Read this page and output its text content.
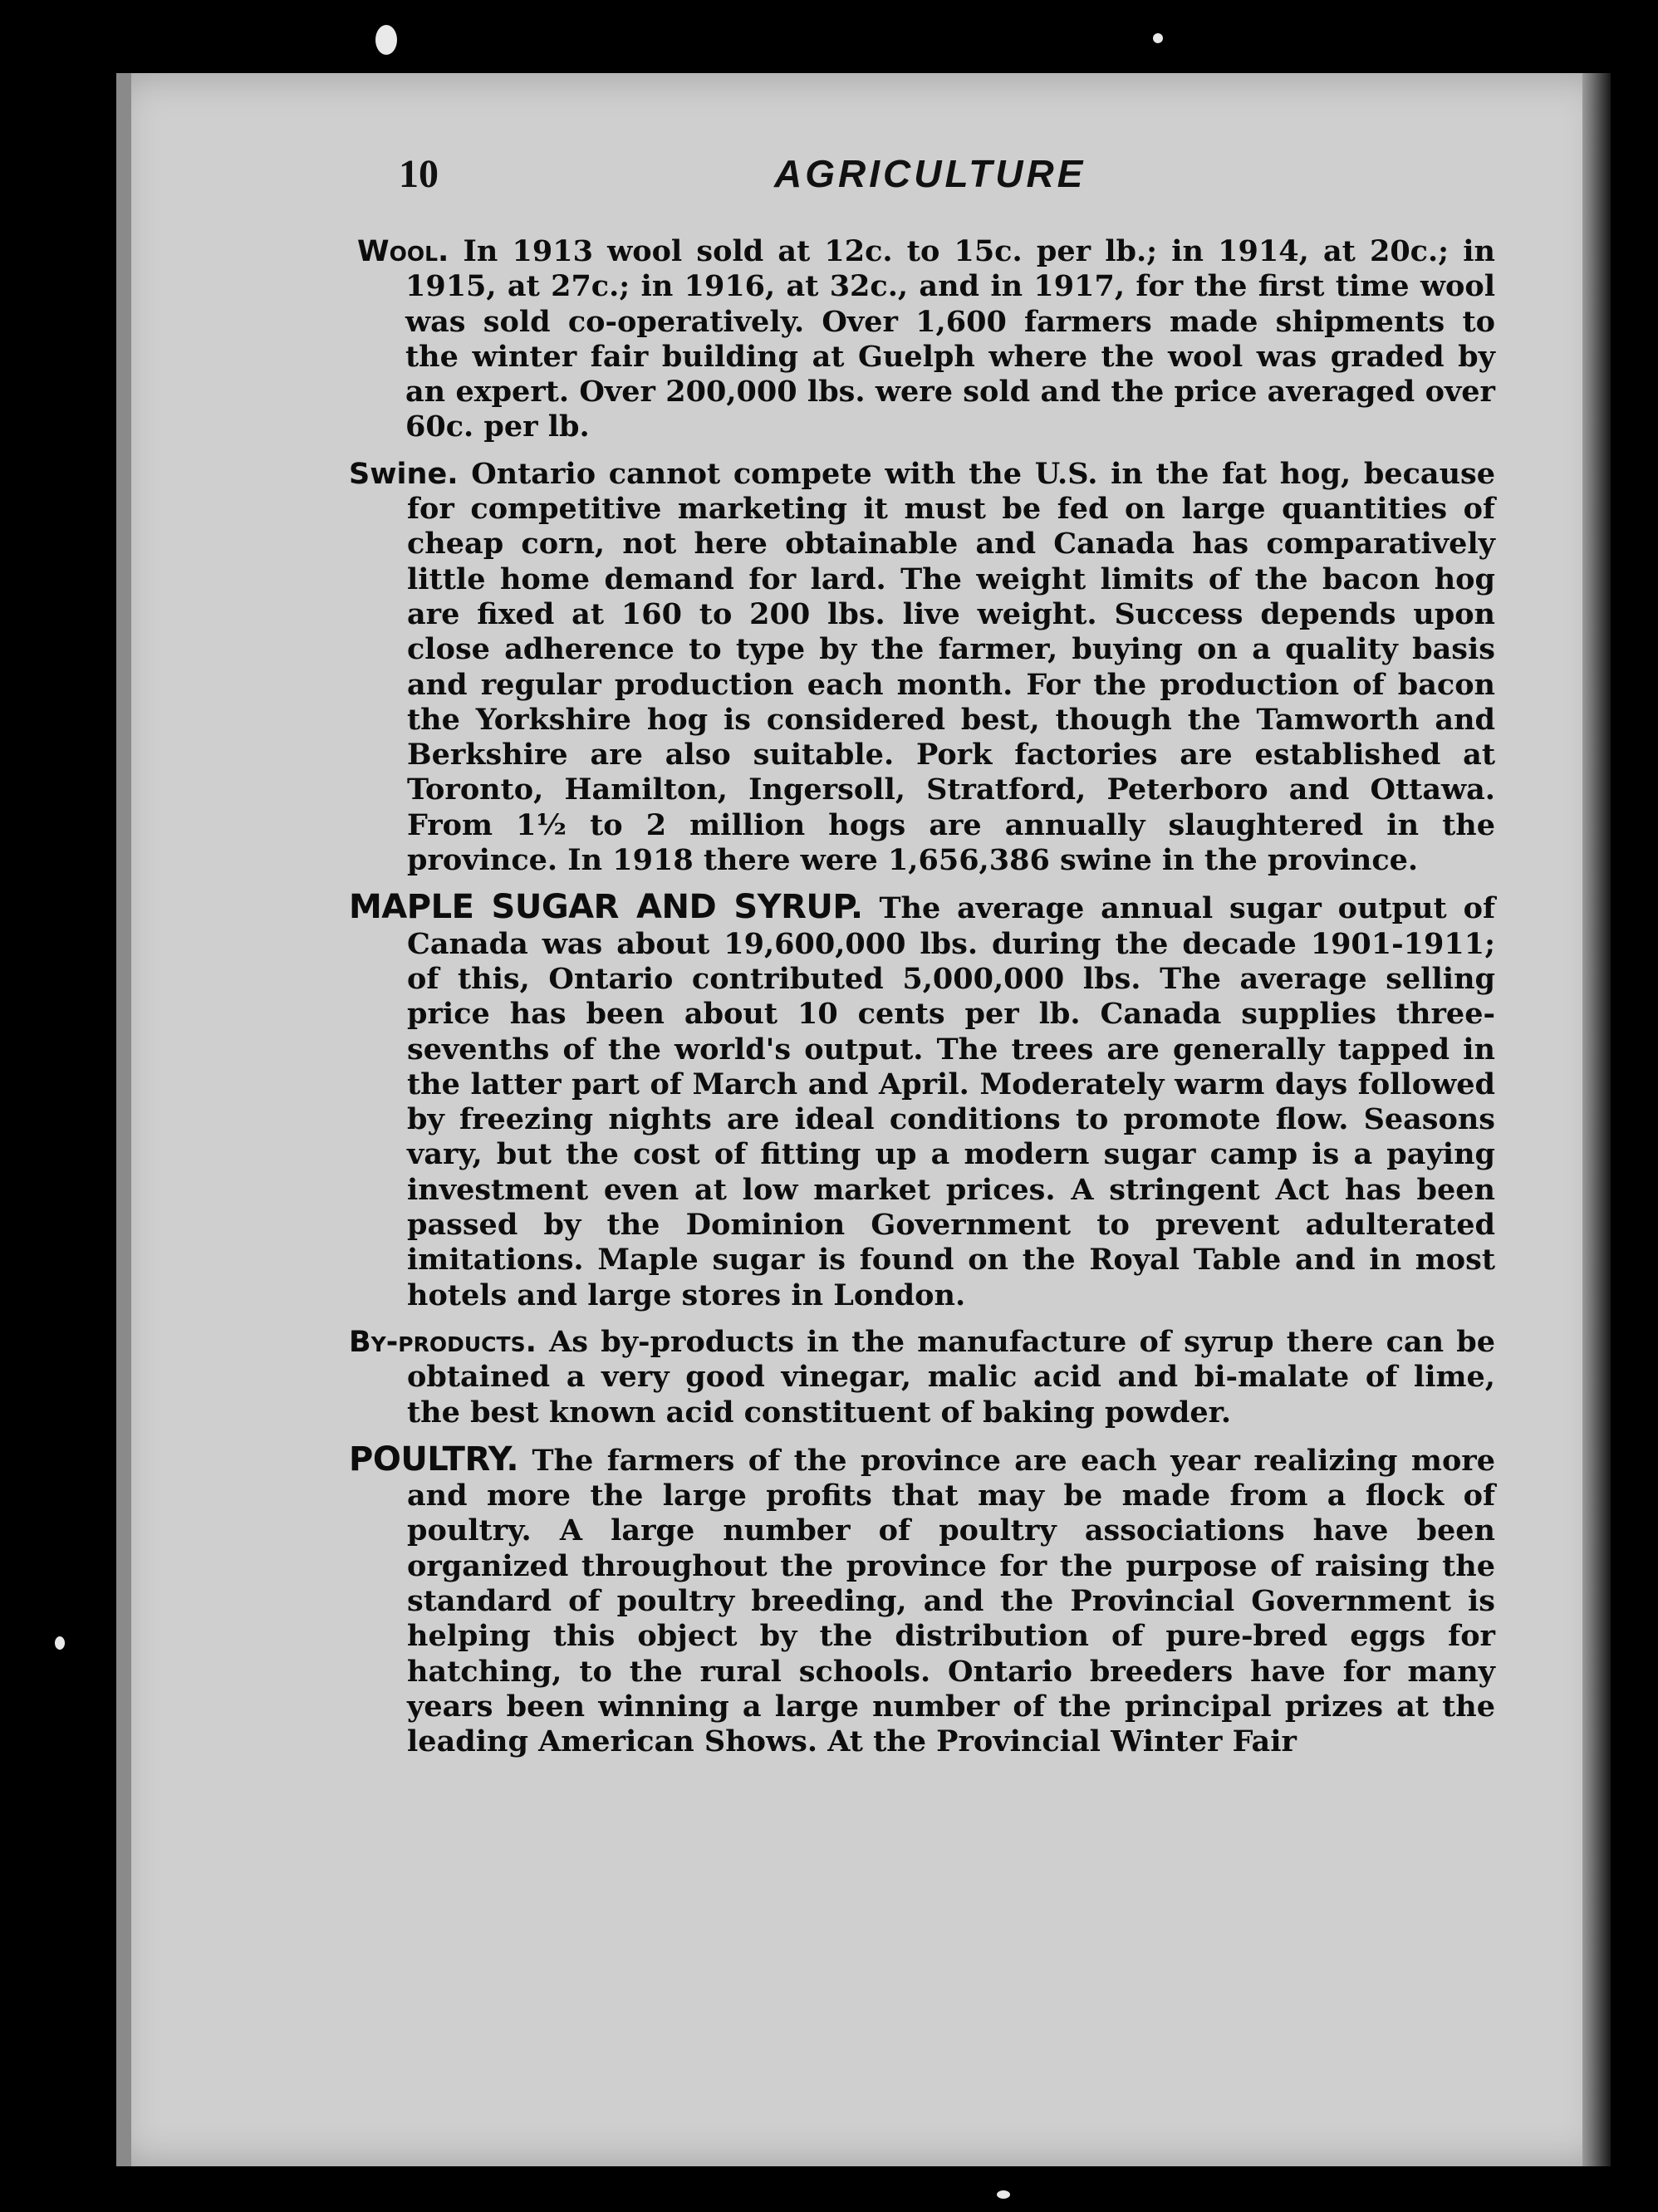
10	AGRICULTURE

Wool. In 1913 wool sold at 12c. to 15c. per lb.; in 1914, at 20c.; in 1915, at 27c.; in 1916, at 32c., and in 1917, for the first time wool was sold co-operatively. Over 1,600 farmers made shipments to the winter fair building at Guelph where the wool was graded by an expert. Over 200,000 lbs. were sold and the price averaged over 60c. per lb.

Swine. Ontario cannot compete with the U.S. in the fat hog, because for competitive marketing it must be fed on large quantities of cheap corn, not here obtainable and Canada has comparatively little home demand for lard. The weight limits of the bacon hog are fixed at 160 to 200 lbs. live weight. Success depends upon close adherence to type by the farmer, buying on a quality basis and regular production each month. For the production of bacon the Yorkshire hog is considered best, though the Tamworth and Berkshire are also suitable. Pork factories are established at Toronto, Hamilton, Ingersoll, Stratford, Peterboro and Ottawa. From 1½ to 2 million hogs are annually slaughtered in the province. In 1918 there were 1,656,386 swine in the province.

MAPLE SUGAR AND SYRUP. The average annual sugar output of Canada was about 19,600,000 lbs. during the decade 1901-1911; of this, Ontario contributed 5,000,000 lbs. The average selling price has been about 10 cents per lb. Canada supplies three-sevenths of the world's output. The trees are generally tapped in the latter part of March and April. Moderately warm days followed by freezing nights are ideal conditions to promote flow. Seasons vary, but the cost of fitting up a modern sugar camp is a paying investment even at low market prices. A stringent Act has been passed by the Dominion Government to prevent adulterated imitations. Maple sugar is found on the Royal Table and in most hotels and large stores in London.

By-products. As by-products in the manufacture of syrup there can be obtained a very good vinegar, malic acid and bi-malate of lime, the best known acid constituent of baking powder.

POULTRY. The farmers of the province are each year realizing more and more the large profits that may be made from a flock of poultry. A large number of poultry associations have been organized throughout the province for the purpose of raising the standard of poultry breeding, and the Provincial Government is helping this object by the distribution of pure-bred eggs for hatching, to the rural schools. Ontario breeders have for many years been winning a large number of the principal prizes at the leading American Shows. At the Provincial Winter Fair
